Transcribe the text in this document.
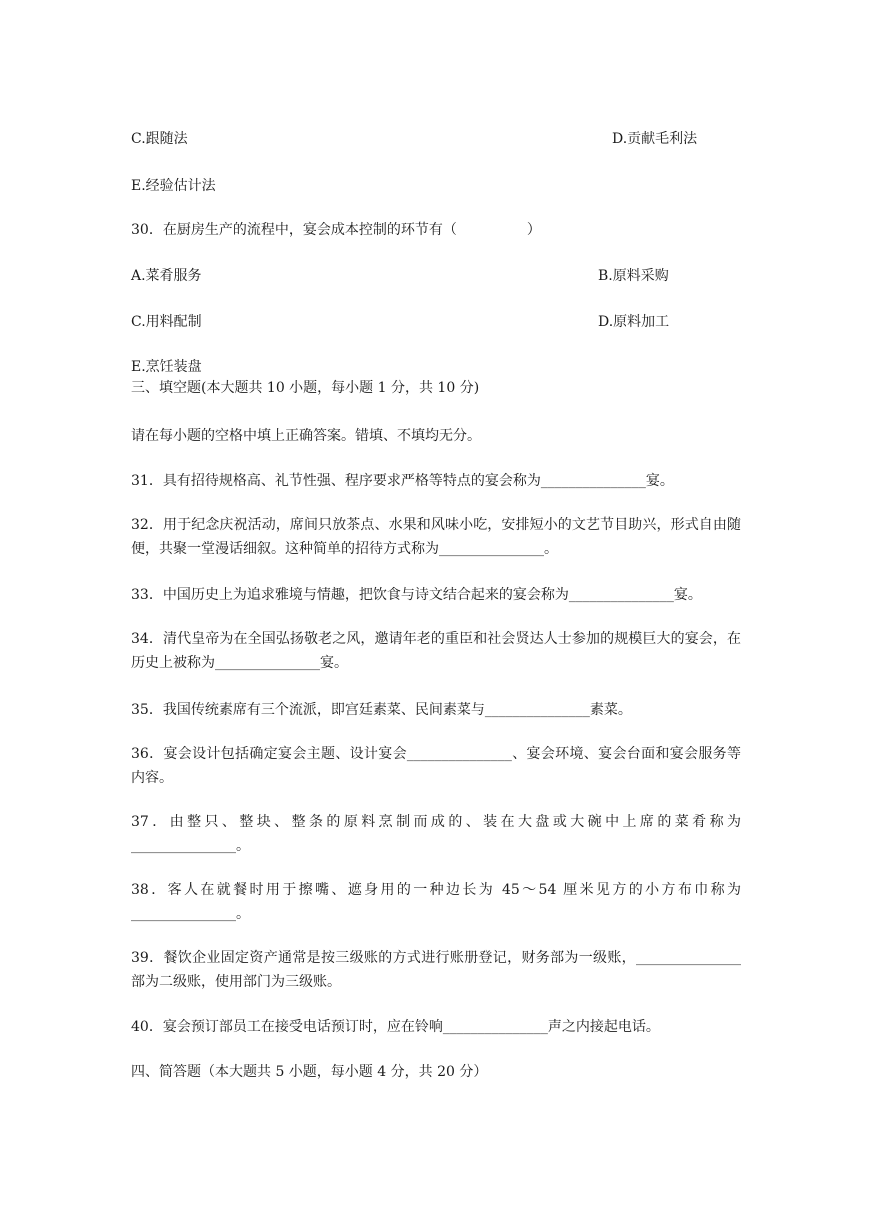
C.跟随法	D.贡献毛利法
E.经验估计法
30．在厨房生产的流程中，宴会成本控制的环节有（　　　　　）
A.菜肴服务	B.原料采购
C.用料配制	D.原料加工
E.烹饪装盘
三、填空题(本大题共 10 小题，每小题 1 分，共 10 分)
请在每小题的空格中填上正确答案。错填、不填均无分。
31．具有招待规格高、礼节性强、程序要求严格等特点的宴会称为_______________宴。
32．用于纪念庆祝活动，席间只放茶点、水果和风味小吃，安排短小的文艺节目助兴，形式自由随便，共聚一堂漫话细叙。这种简单的招待方式称为_______________。
33．中国历史上为追求雅境与情趣，把饮食与诗文结合起来的宴会称为_______________宴。
34．清代皇帝为在全国弘扬敬老之风，邀请年老的重臣和社会贤达人士参加的规模巨大的宴会，在历史上被称为_______________宴。
35．我国传统素席有三个流派，即宫廷素菜、民间素菜与_______________素菜。
36．宴会设计包括确定宴会主题、设计宴会_______________、宴会环境、宴会台面和宴会服务等内容。
37．由整只、整块、整条的原料烹制而成的、装在大盘或大碗中上席的菜肴称为_______________。
38．客人在就餐时用于擦嘴、遮身用的一种边长为 45～54 厘米见方的小方布巾称为_______________。
39．餐饮企业固定资产通常是按三级账的方式进行账册登记，财务部为一级账，_______________部为二级账，使用部门为三级账。
40．宴会预订部员工在接受电话预订时，应在铃响_______________声之内接起电话。
四、简答题（本大题共 5 小题，每小题 4 分，共 20 分）
